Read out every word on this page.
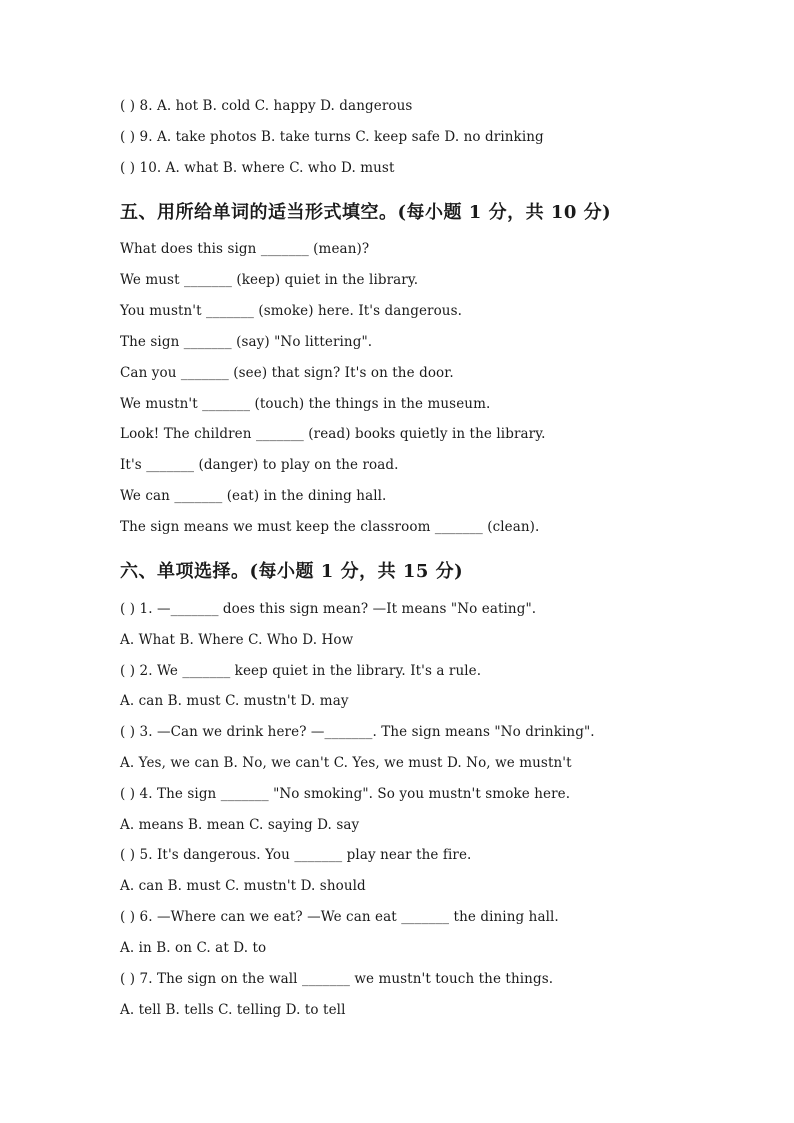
( ) 8. A. hot B. cold C. happy D. dangerous
( ) 9. A. take photos B. take turns C. keep safe D. no drinking
( ) 10. A. what B. where C. who D. must
五、用所给单词的适当形式填空。(每小题 1 分，共 10 分)
What does this sign _______ (mean)?
We must _______ (keep) quiet in the library.
You mustn't _______ (smoke) here. It's dangerous.
The sign _______ (say) "No littering".
Can you _______ (see) that sign? It's on the door.
We mustn't _______ (touch) the things in the museum.
Look! The children _______ (read) books quietly in the library.
It's _______ (danger) to play on the road.
We can _______ (eat) in the dining hall.
The sign means we must keep the classroom _______ (clean).
六、单项选择。(每小题 1 分，共 15 分)
( ) 1. —_______ does this sign mean? —It means "No eating".
A. What B. Where C. Who D. How
( ) 2. We _______ keep quiet in the library. It's a rule.
A. can B. must C. mustn't D. may
( ) 3. —Can we drink here? —_______. The sign means "No drinking".
A. Yes, we can B. No, we can't C. Yes, we must D. No, we mustn't
( ) 4. The sign _______ "No smoking". So you mustn't smoke here.
A. means B. mean C. saying D. say
( ) 5. It's dangerous. You _______ play near the fire.
A. can B. must C. mustn't D. should
( ) 6. —Where can we eat? —We can eat _______ the dining hall.
A. in B. on C. at D. to
( ) 7. The sign on the wall _______ we mustn't touch the things.
A. tell B. tells C. telling D. to tell
